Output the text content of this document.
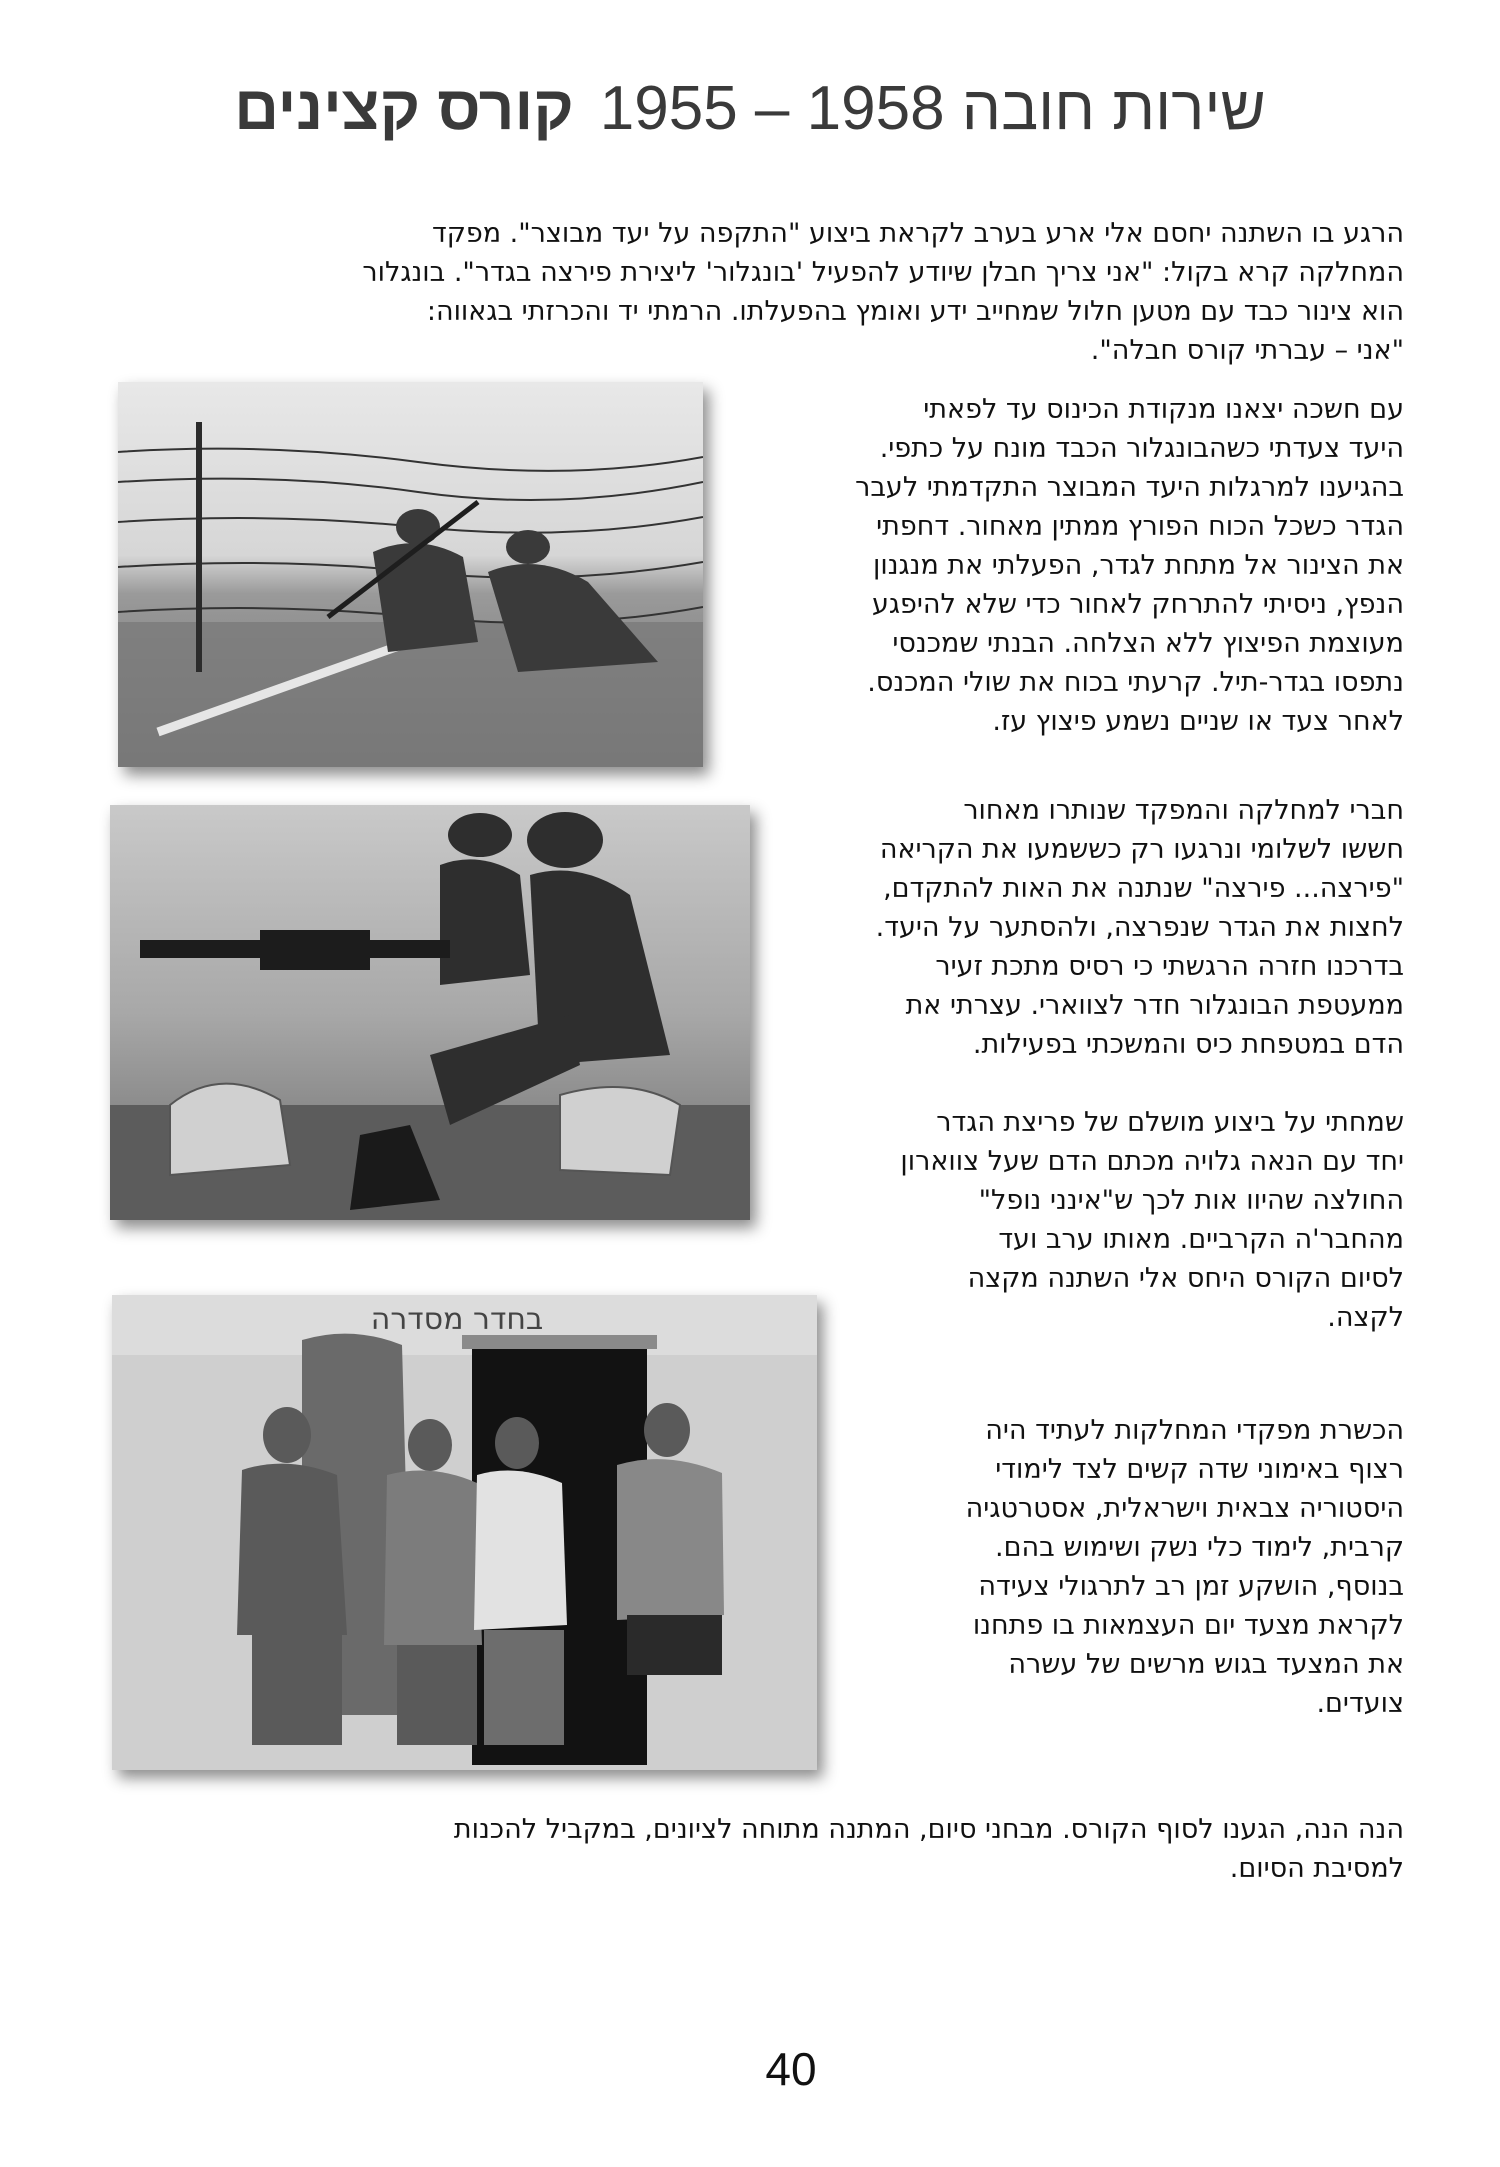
שירות חובה 1958 – 1955קורס קצינים
הרגע בו השתנה יחסם אלי ארע בערב לקראת ביצוע "התקפה על יעד מבוצר". מפקד
המחלקה קרא בקול: "אני צריך חבלן שיודע להפעיל 'בונגלור' ליצירת פירצה בגדר". בונגלור
הוא צינור כבד עם מטען חלול שמחייב ידע ואומץ בהפעלתו. הרמתי יד והכרזתי בגאווה:
"אני – עברתי קורס חבלה".
עם חשכה יצאנו מנקודת הכינוס עד לפאתי
היעד צעדתי כשהבונגלור הכבד מונח על כתפי.
בהגיענו למרגלות היעד המבוצר התקדמתי לעבר
הגדר כשכל הכוח הפורץ ממתין מאחור. דחפתי
את הצינור אל מתחת לגדר, הפעלתי את מנגנון
הנפץ, ניסיתי להתרחק לאחור כדי שלא להיפגע
מעוצמת הפיצוץ ללא הצלחה. הבנתי שמכנסי
נתפסו בגדר-תיל. קרעתי בכוח את שולי המכנס.
לאחר צעד או שניים נשמע פיצוץ עז.
חברי למחלקה והמפקד שנותרו מאחור
חששו לשלומי ונרגעו רק כששמעו את הקריאה
"פירצה... פירצה" שנתנה את האות להתקדם,
לחצות את הגדר שנפרצה, ולהסתער על היעד.
בדרכנו חזרה הרגשתי כי רסיס מתכת זעיר
ממעטפת הבונגלור חדר לצווארי. עצרתי את
הדם במטפחת כיס והמשכתי בפעילות.
שמחתי על ביצוע מושלם של פריצת הגדר
יחד עם הנאה גלויה מכתם הדם שעל צווארון
החולצה שהיוו אות לכך ש"אינני נופל"
מהחבר'ה הקרביים. מאותו ערב ועד
לסיום הקורס היחס אלי השתנה מקצה
לקצה.
הכשרת מפקדי המחלקות לעתיד היה
רצוף באימוני שדה קשים לצד לימודי
היסטוריה צבאית וישראלית, אסטרטגיה
קרבית, לימוד כלי נשק ושימוש בהם.
בנוסף, הושקע זמן רב לתרגולי צעידה
לקראת מצעד יום העצמאות בו פתחנו
את המצעד בגוש מרשים של עשרה
צועדים.
הנה הנה, הגענו לסוף הקורס. מבחני סיום, המתנה מתוחה לציונים, במקביל להכנות
למסיבת הסיום.
בחדר מסדרה
40
